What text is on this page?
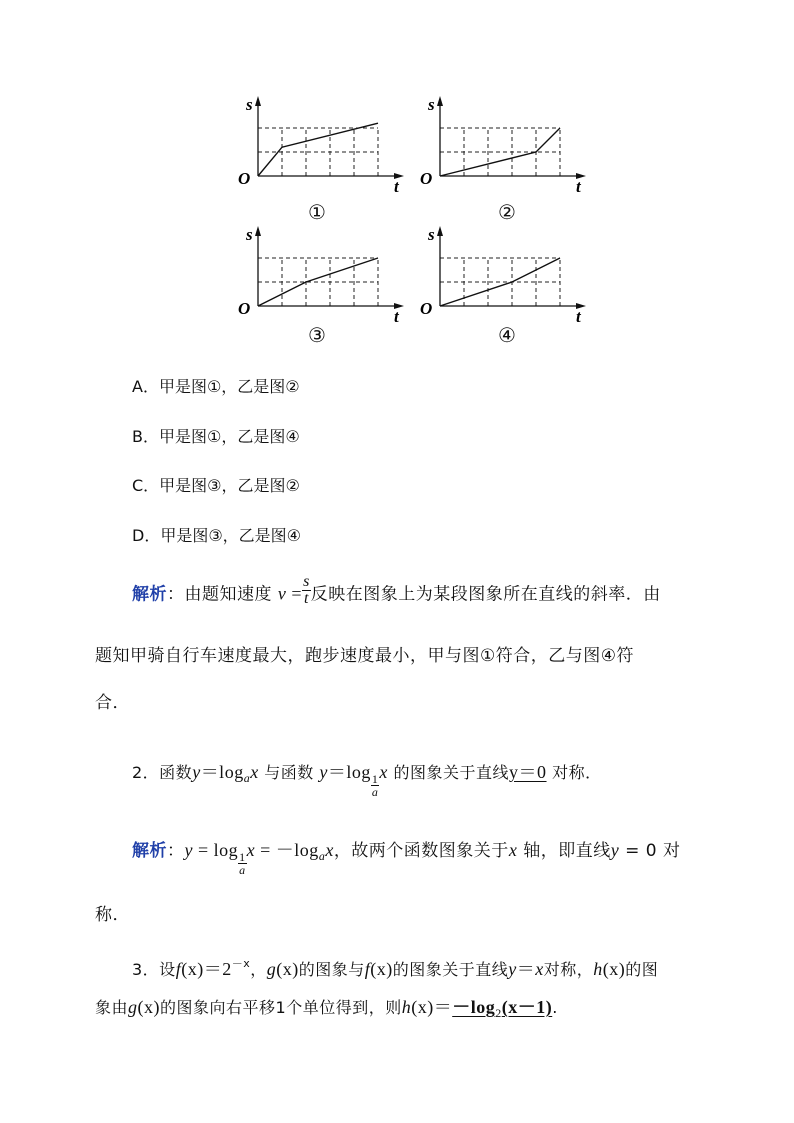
s
t
O
s
t
O
s
t
O
s
t
O
①	②
③	④
A．甲是图①，乙是图②
B．甲是图①，乙是图④
C．甲是图③，乙是图②
D．甲是图③，乙是图④
解析：由题知速度 $v = \frac{s}{t}$ 反映在图象上为某段图象所在直线的斜率．由
题知甲骑自行车速度最大，跑步速度最小，甲与图①符合，乙与图④符
合．
2．函数$y=\log_ax$ 与函数 y＝log
$\frac{1}{a}$
x 的图象关于直线y＝0 对称．
解析：y = log
$\frac{1}{a}$
$x = -\log_ax$，故两个函数图象关于x 轴，即直线y = 0 对
称．
3．设$f(x)=2^{-x}$，g(x)的图象与f(x)的图象关于直线y＝x对称，h(x)的图
象由g(x)的图象向右平移1个单位得到，则$h(x)=-\log_2(x-1)$.
